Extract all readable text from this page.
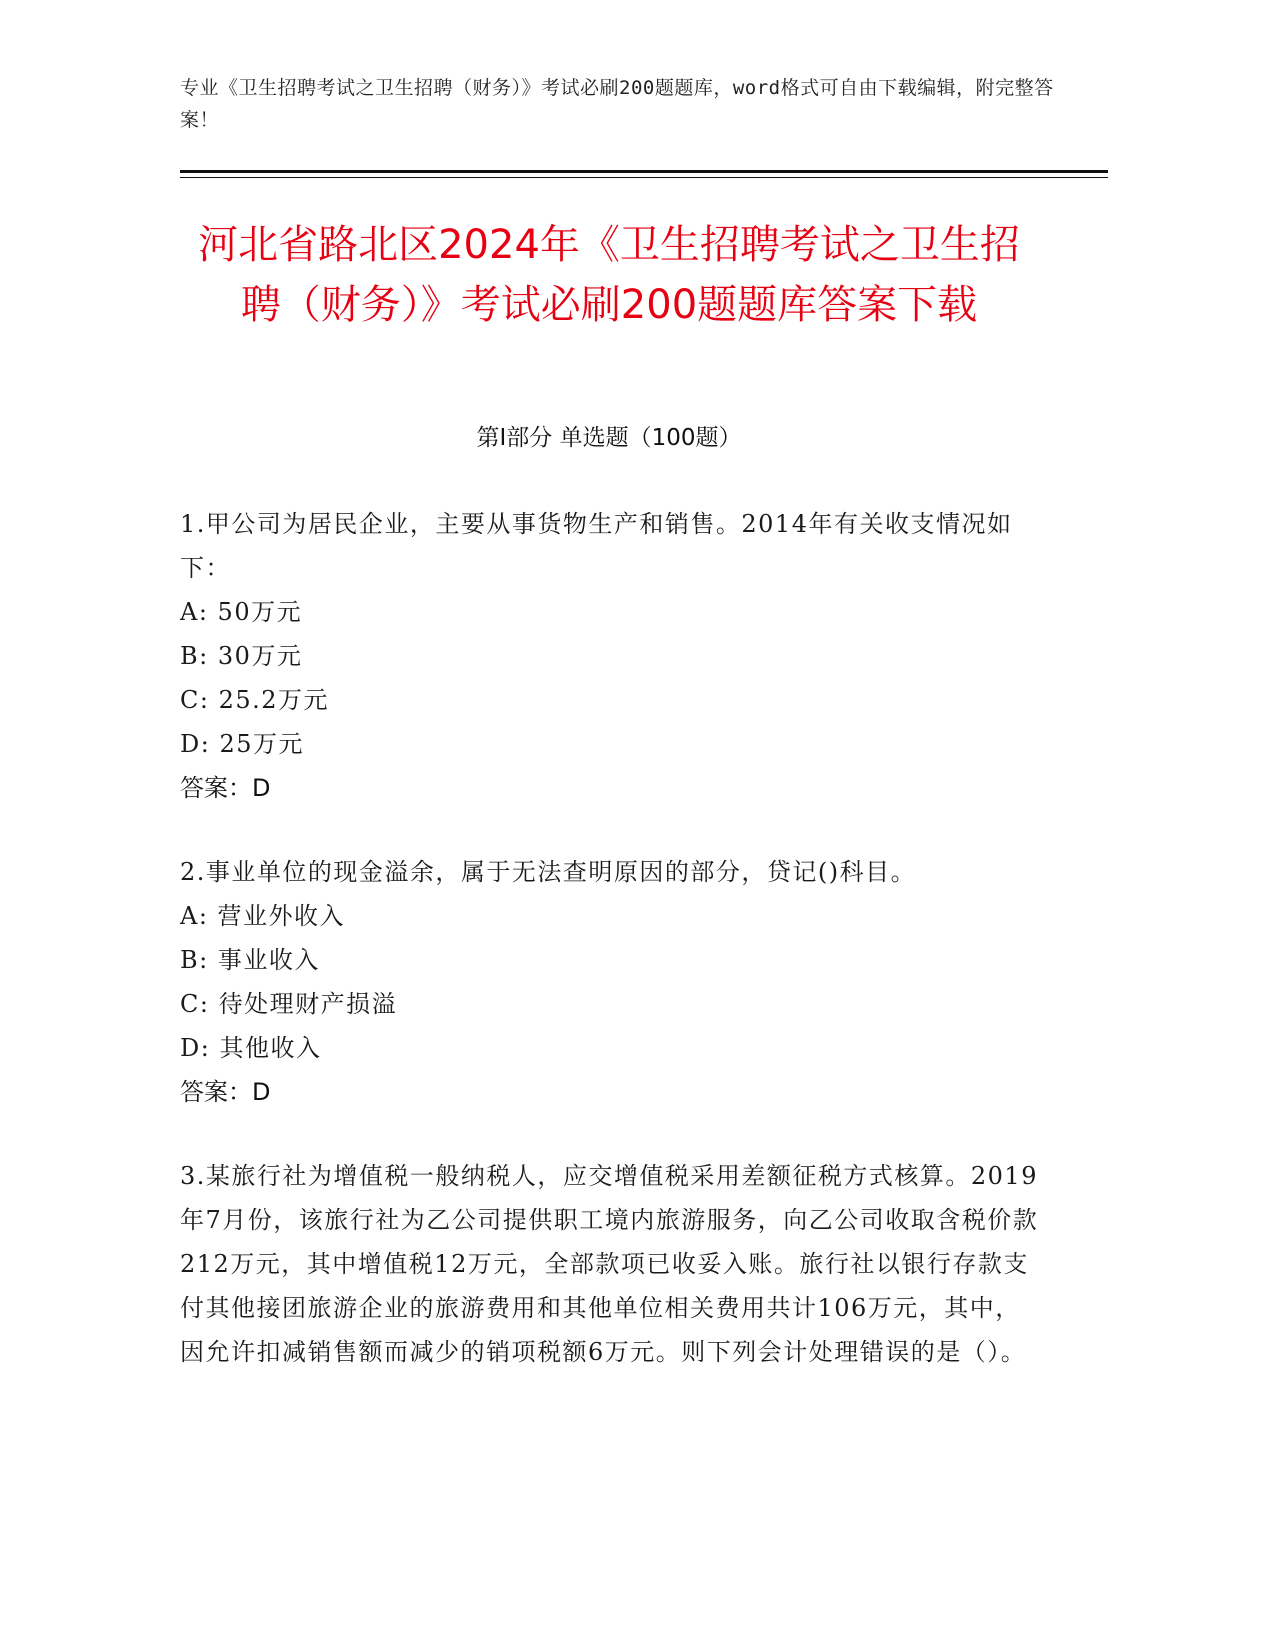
专业《卫生招聘考试之卫生招聘（财务）》考试必刷200题题库，word格式可自由下载编辑，附完整答案！
河北省路北区2024年《卫生招聘考试之卫生招聘（财务）》考试必刷200题题库答案下载
第I部分 单选题（100题）
1.甲公司为居民企业，主要从事货物生产和销售。2014年有关收支情况如下：
A: 50万元
B: 30万元
C: 25.2万元
D: 25万元
答案：D
2.事业单位的现金溢余，属于无法查明原因的部分，贷记()科目。
A: 营业外收入
B: 事业收入
C: 待处理财产损溢
D: 其他收入
答案：D
3.某旅行社为增值税一般纳税人，应交增值税采用差额征税方式核算。2019年7月份，该旅行社为乙公司提供职工境内旅游服务，向乙公司收取含税价款212万元，其中增值税12万元，全部款项已收妥入账。旅行社以银行存款支付其他接团旅游企业的旅游费用和其他单位相关费用共计106万元，其中，因允许扣减销售额而减少的销项税额6万元。则下列会计处理错误的是（）。
